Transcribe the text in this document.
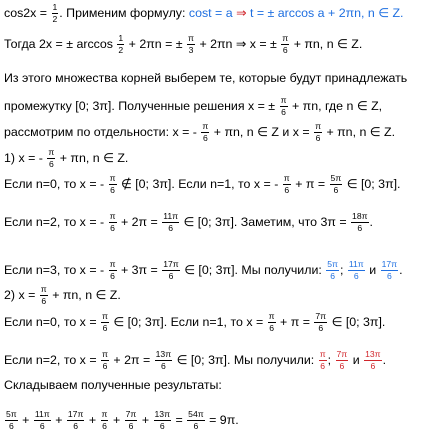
$\cos 2x = \frac{1}{2}$ . Применим формулу: cost = a ⇒ t = ± arccos a + 2πn, n ∈ Z.
Тогда 2x = ± $\arccos \frac{1}{2} + 2\pi n$ = ± $\frac{\pi}{3} + 2\pi n$ ⇒ x = ± $\frac{\pi}{6} + \pi n$, n ∈ Z.
Из этого множества корней выберем те, которые будут принадлежать
промежутку [0; 3π]. Полученные решения x = ± $\frac{\pi}{6} + \pi n$, где n ∈ Z,
рассмотрим по отдельности: x = - $\frac{\pi}{6} + \pi n$, n ∈ Z и $x = \frac{\pi}{6} + \pi n$, n ∈ Z.
1) x = - $\frac{\pi}{6} + \pi n$, n ∈ Z.
Если n=0, то x = - $\frac{\pi}{6}$ ∉ [0; 3π]. Если n=1, то x = - $\frac{\pi}{6} + \pi = \frac{5\pi}{6}$ ∈ [0; 3π].
Если n=2, то x = - $\frac{\pi}{6} + 2\pi = \frac{11\pi}{6}$ ∈ [0; 3π]. Заметим, что $3\pi = \frac{18\pi}{6}$ .
Если n=3, то x = - $\frac{\pi}{6} + 3\pi = \frac{17\pi}{6}$ ∈ [0; 3π]. Мы получили: $\frac{5\pi}{6}$ ; $\frac{11\pi}{6}$ и $\frac{17\pi}{6}$ .
2) $x = \frac{\pi}{6} + \pi n$, n ∈ Z.
Если n=0, то $x = \frac{\pi}{6}$ ∈ [0; 3π]. Если n=1, то $x = \frac{\pi}{6} + \pi = \frac{7\pi}{6}$ ∈ [0; 3π].
Если n=2, то $x = \frac{\pi}{6} + 2\pi = \frac{13\pi}{6}$ ∈ [0; 3π]. Мы получили: $\frac{\pi}{6}$ ; $\frac{7\pi}{6}$ и $\frac{13\pi}{6}$ .
Складываем полученные результаты:
$\frac{5\pi}{6} + \frac{11\pi}{6} + \frac{17\pi}{6} + \frac{\pi}{6} + \frac{7\pi}{6} + \frac{13\pi}{6} = \frac{54\pi}{6} = 9\pi$.
